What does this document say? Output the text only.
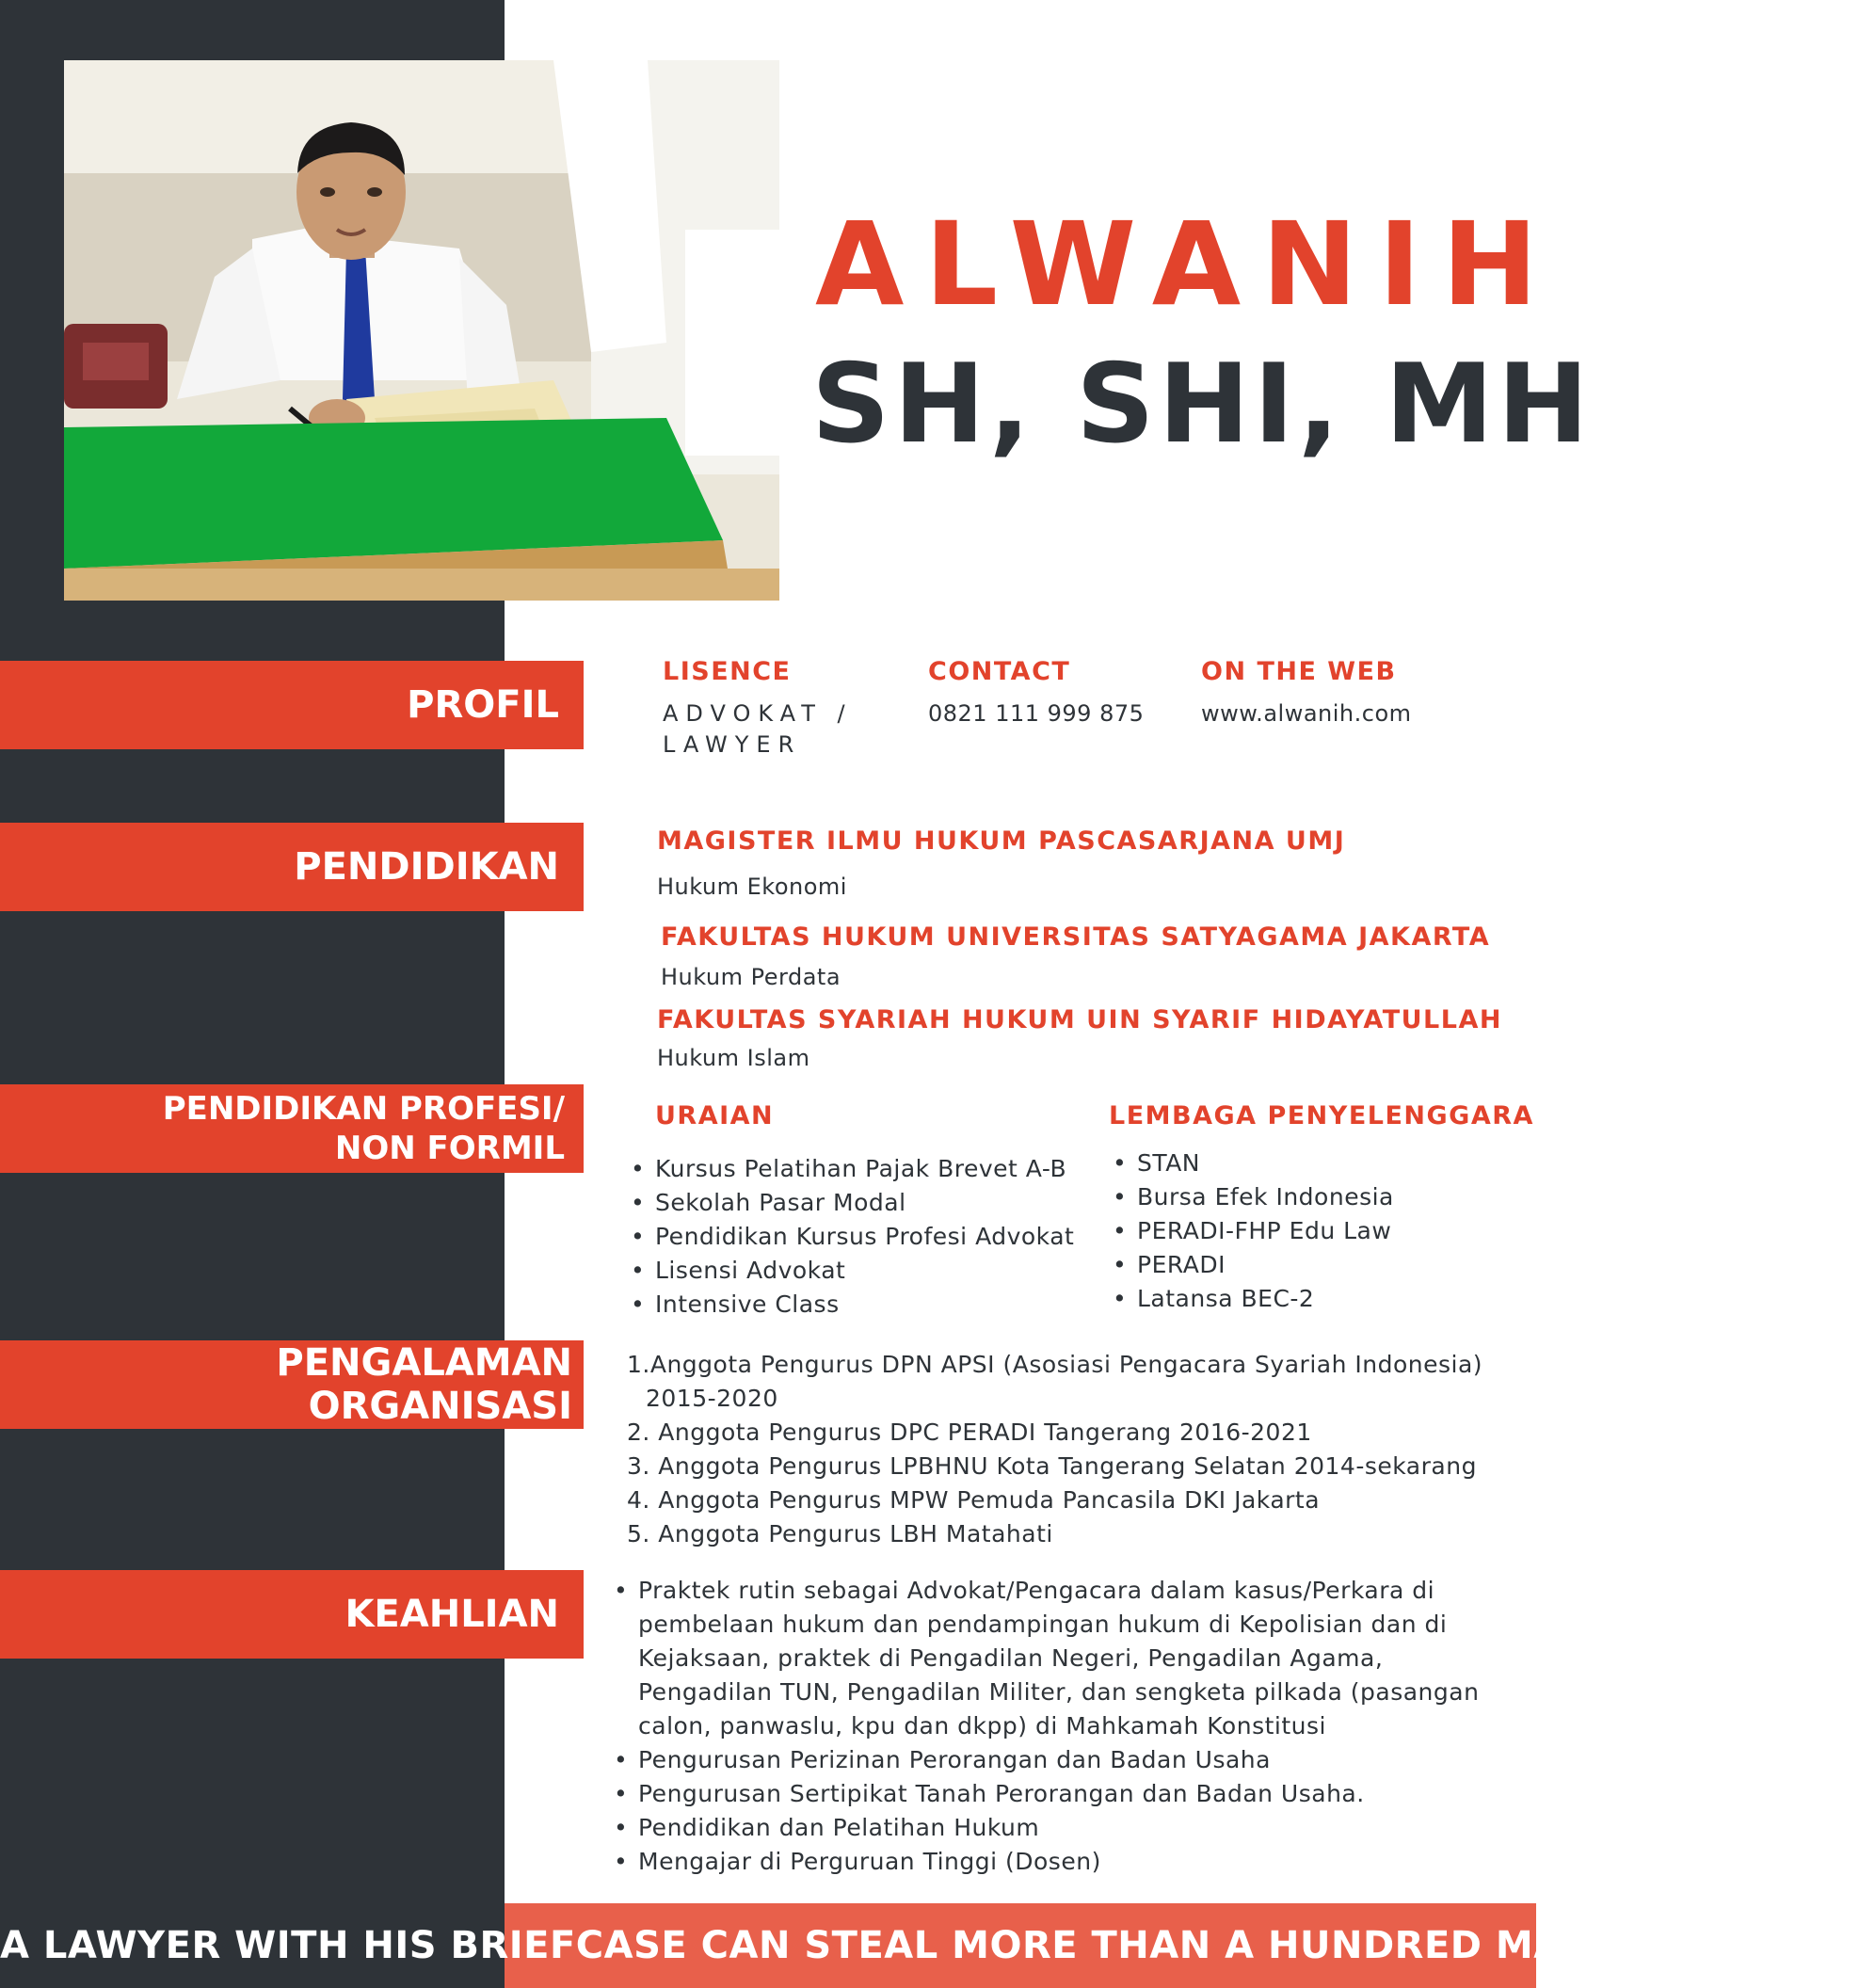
ALWANIH
SH, SHI, MH
PROFIL
PENDIDIKAN
PENDIDIKAN PROFESI/
NON FORMIL
PENGALAMAN ORGANISASI
KEAHLIAN

LISENCE

ADVOKAT /

LAWYER

CONTACT

0821 111 999 875

ON THE WEB

www.alwanih.com

MAGISTER ILMU HUKUM PASCASARJANA UMJ

Hukum Ekonomi

FAKULTAS HUKUM UNIVERSITAS SATYAGAMA JAKARTA

Hukum Perdata

FAKULTAS SYARIAH HUKUM UIN SYARIF HIDAYATULLAH

Hukum Islam

URAIAN	LEMBAGA PENYELENGGARA

• Kursus Pelatihan Pajak Brevet A-B
• Sekolah Pasar Modal
• Pendidikan Kursus Profesi Advokat
• Lisensi Advokat
• Intensive Class
• STAN
• Bursa Efek Indonesia
• PERADI-FHP Edu Law
• PERADI
• Latansa BEC-2
1.Anggota Pengurus DPN APSI (Asosiasi Pengacara Syariah Indonesia)
2015-2020
2. Anggota Pengurus DPC PERADI Tangerang 2016-2021
3. Anggota Pengurus LPBHNU Kota Tangerang Selatan 2014-sekarang
4. Anggota Pengurus MPW Pemuda Pancasila DKI Jakarta
5. Anggota Pengurus LBH Matahati
• Praktek rutin sebagai Advokat/Pengacara dalam kasus/Perkara di pembelaan hukum dan pendampingan hukum di Kepolisian dan di Kejaksaan, praktek di Pengadilan Negeri, Pengadilan Agama, Pengadilan TUN, Pengadilan Militer, dan sengketa pilkada (pasangan calon, panwaslu, kpu dan dkpp) di Mahkamah Konstitusi
• Pengurusan Perizinan Perorangan dan Badan Usaha
• Pengurusan Sertipikat Tanah Perorangan dan Badan Usaha.
• Pendidikan dan Pelatihan Hukum
• Mengajar di Perguruan Tinggi (Dosen)
A LAWYER WITH HIS BRIEFCASE CAN STEAL MORE THAN A HUNDRED MAN WITH GUNS
